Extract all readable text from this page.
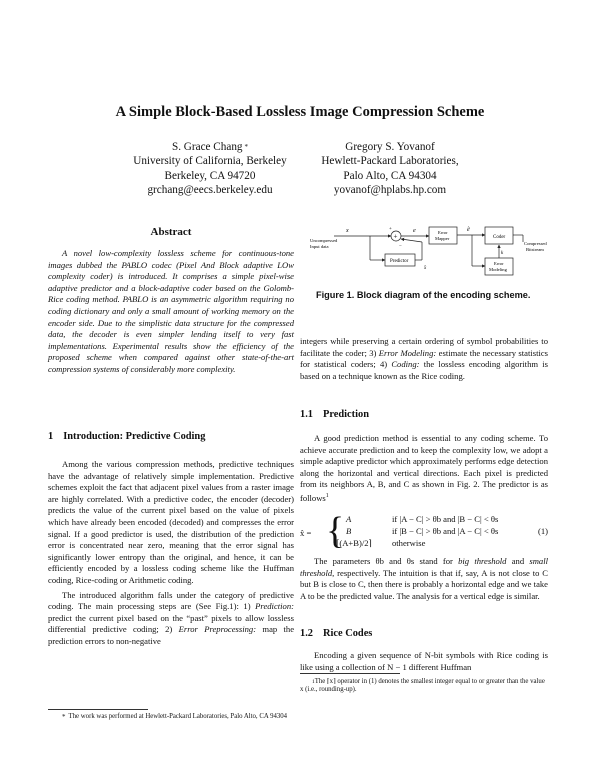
A Simple Block-Based Lossless Image Compression Scheme
S. Grace Chang *
University of California, Berkeley
Berkeley, CA 94720
grchang@eecs.berkeley.edu
Gregory S. Yovanof
Hewlett-Packard Laboratories,
Palo Alto, CA 94304
yovanof@hplabs.hp.com
Abstract

A novel low-complexity lossless scheme for continuous-tone images dubbed the PABLO codec (Pixel And Block adaptive LOw complexity coder) is introduced. It comprises a simple pixel-wise adaptive predictor and a block-adaptive coder based on the Golomb-Rice coding method. PABLO is an asymmetric algorithm requiring no coding dictionary and only a small amount of working memory on the encoder side. Due to the simplistic data structure for the compressed data, the decoder is even simpler lending itself to very fast implementations. Experimental results show the efficiency of the proposed scheme when compared against other state-of-the-art compression systems of considerably more complexity.

1 Introduction: Predictive Coding

Among the various compression methods, predictive techniques have the advantage of relatively simple implementation. Predictive schemes exploit the fact that adjacent pixel values from a raster image are highly correlated. With a predictive codec, the encoder (decoder) predicts the value of the current pixel based on the value of pixels which have already been encoded (decoded) and compresses the error signal. If a good predictor is used, the distribution of the prediction error is concentrated near zero, meaning that the error signal has significantly lower entropy than the original, and hence, it can be efficiently encoded by a lossless coding scheme like the Huffman coding, Rice-coding or Arithmetic coding.

The introduced algorithm falls under the category of predictive coding. The main processing steps are (See Fig.1): 1) Prediction: predict the current pixel based on the “past” pixels to allow lossless differential predictive coding; 2) Error Preprocessing: map the prediction errors to non-negative

* The work was performed at Hewlett-Packard Laboratories, Palo Alto, CA 94304
x
Uncompressed
Input data
+
+
−
Predictor
x̂
e	Error
Mapper
ẽ
Coder
Compressed
Bitstream
Error
Modeling
k
Figure 1. Block diagram of the encoding scheme.

integers while preserving a certain ordering of symbol probabilities to facilitate the coder; 3) Error Modeling: estimate the necessary statistics for statistical coders; 4) Coding: the lossless encoding algorithm is based on a technique known as the Rice coding.

1.1 Prediction

A good prediction method is essential to any coding scheme. To achieve accurate prediction and to keep the complexity low, we adopt a simple adaptive predictor which approximately performs edge detection along the horizontal and vertical directions. Each pixel is predicted from its neighbors A, B, and C as shown in Fig. 2. The predictor is as follows$^1$

x̂ = { A	if |A − C| > θb and |B − C| < θs
B	if |B − C| > θb and |A − C| < θs
⌈(A+B)/2⌉ otherwise
(1)

The parameters θb and θs stand for big threshold and small threshold, respectively. The intuition is that if, say, A is not close to C but B is close to C, then there is probably a horizontal edge and we take A to be the predicted value. The analysis for a vertical edge is similar.

1.2 Rice Codes

Encoding a given sequence of N-bit symbols with Rice coding is like using a collection of N − 1 different Huffman

$^1$The ⌈x⌉ operator in (1) denotes the smallest integer equal to or greater than the value x (i.e., rounding-up).
